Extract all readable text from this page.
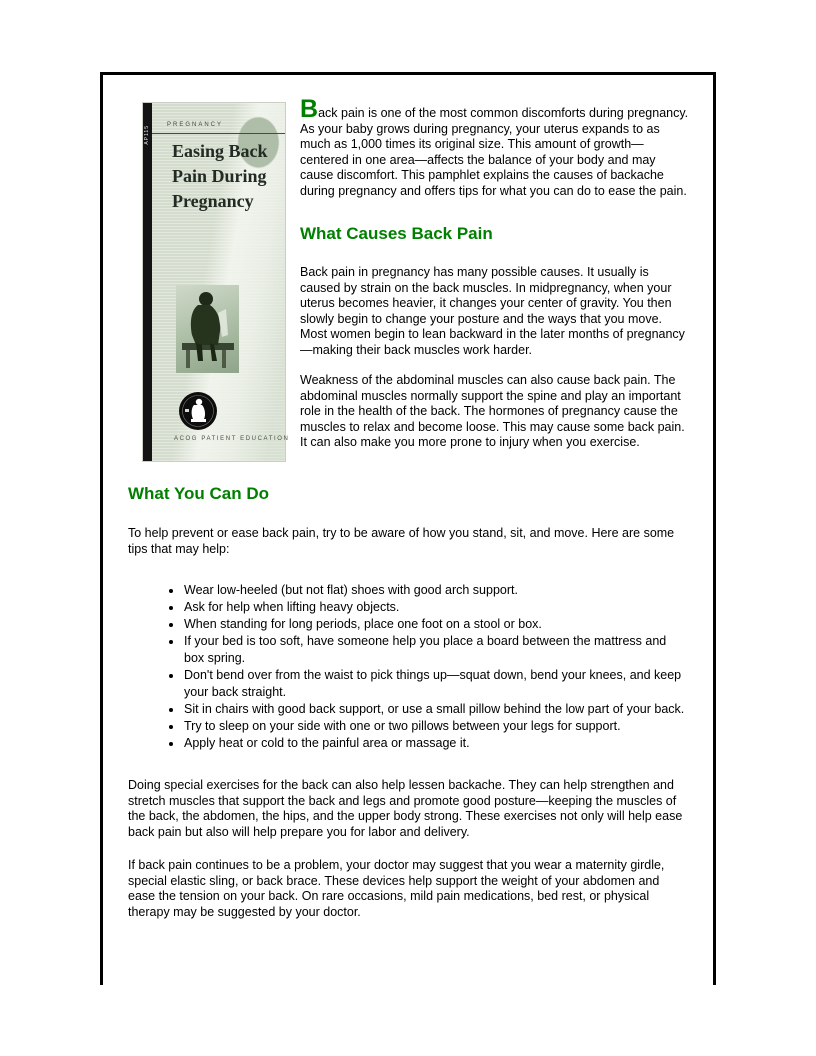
AP115	PREGNANCY
Easing Back
Pain During
Pregnancy
ACOG PATIENT EDUCATION

Back pain is one of the most common discomforts during pregnancy. As your baby grows during pregnancy, your uterus expands to as much as 1,000 times its original size. This amount of growth—centered in one area—affects the balance of your body and may cause discomfort. This pamphlet explains the causes of backache during pregnancy and offers tips for what you can do to ease the pain.

What Causes Back Pain

Back pain in pregnancy has many possible causes. It usually is caused by strain on the back muscles. In midpregnancy, when your uterus becomes heavier, it changes your center of gravity. You then slowly begin to change your posture and the ways that you move. Most women begin to lean backward in the later months of pregnancy—making their back muscles work harder.

Weakness of the abdominal muscles can also cause back pain. The abdominal muscles normally support the spine and play an important role in the health of the back. The hormones of pregnancy cause the muscles to relax and become loose. This may cause some back pain. It can also make you more prone to injury when you exercise.

What You Can Do

To help prevent or ease back pain, try to be aware of how you stand, sit, and move. Here are some tips that may help:

• Wear low-heeled (but not flat) shoes with good arch support.
• Ask for help when lifting heavy objects.
• When standing for long periods, place one foot on a stool or box.
• If your bed is too soft, have someone help you place a board between the mattress and box spring.
• Don't bend over from the waist to pick things up—squat down, bend your knees, and keep your back straight.
• Sit in chairs with good back support, or use a small pillow behind the low part of your back.
• Try to sleep on your side with one or two pillows between your legs for support.
• Apply heat or cold to the painful area or massage it.

Doing special exercises for the back can also help lessen backache. They can help strengthen and stretch muscles that support the back and legs and promote good posture—keeping the muscles of the back, the abdomen, the hips, and the upper body strong. These exercises not only will help ease back pain but also will help prepare you for labor and delivery.

If back pain continues to be a problem, your doctor may suggest that you wear a maternity girdle, special elastic sling, or back brace. These devices help support the weight of your abdomen and ease the tension on your back. On rare occasions, mild pain medications, bed rest, or physical therapy may be suggested by your doctor.
